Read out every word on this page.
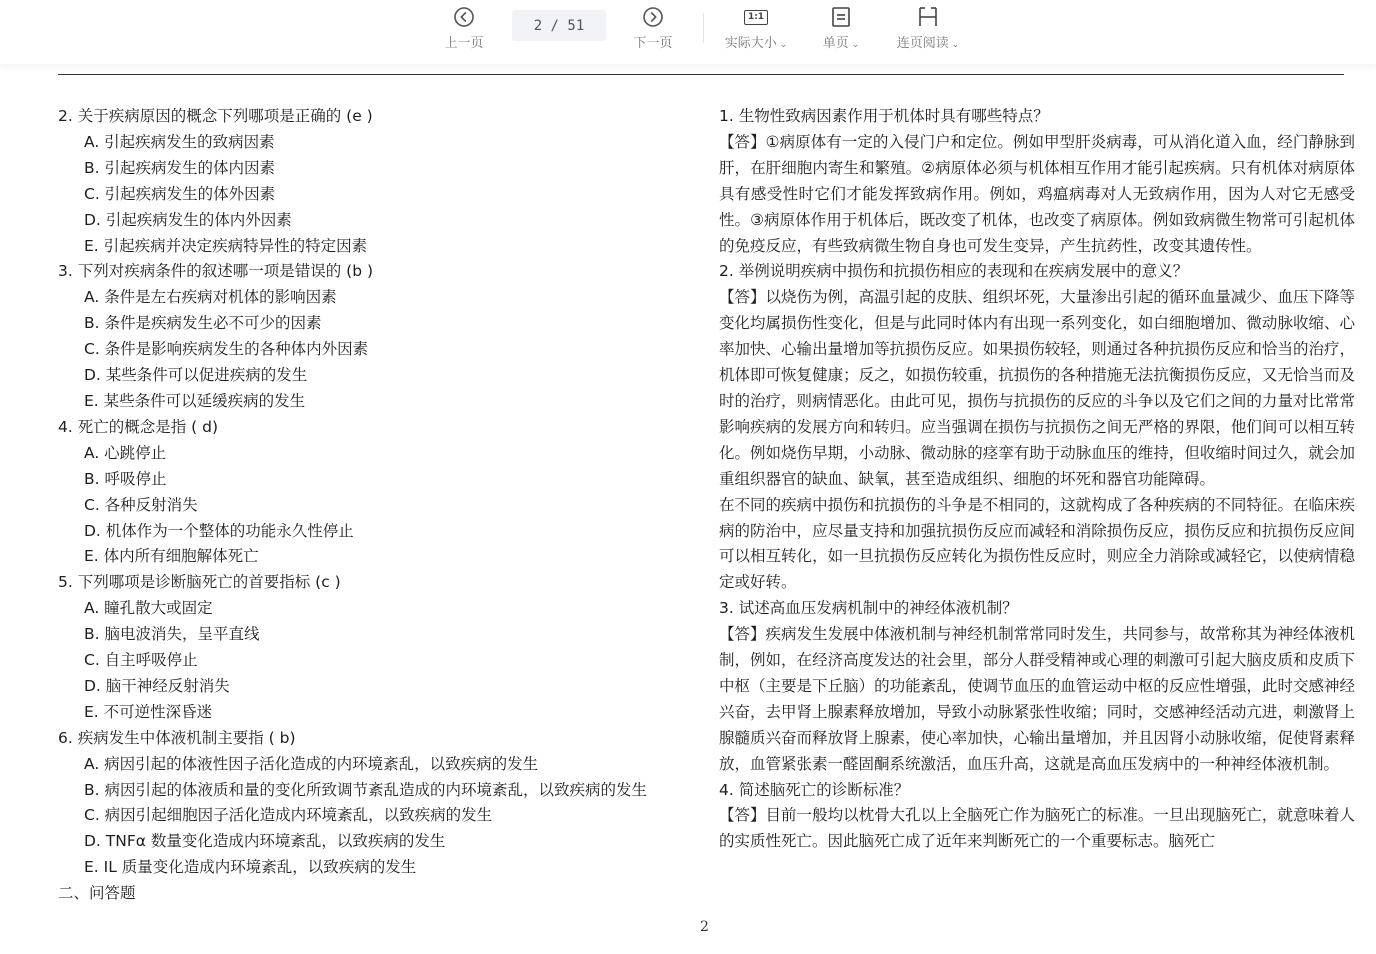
上一页
2 / 51
下一页
1:1
实际大小 ⌄	单页 ⌄	连页阅读 ⌄

2. 关于疾病原因的概念下列哪项是正确的 (e )

A. 引起疾病发生的致病因素

B. 引起疾病发生的体内因素

C. 引起疾病发生的体外因素

D. 引起疾病发生的体内外因素

E. 引起疾病并决定疾病特异性的特定因素

3. 下列对疾病条件的叙述哪一项是错误的 (b )

A. 条件是左右疾病对机体的影响因素

B. 条件是疾病发生必不可少的因素

C. 条件是影响疾病发生的各种体内外因素

D. 某些条件可以促进疾病的发生

E. 某些条件可以延缓疾病的发生

4. 死亡的概念是指 ( d)

A. 心跳停止

B. 呼吸停止

C. 各种反射消失

D. 机体作为一个整体的功能永久性停止

E. 体内所有细胞解体死亡

5. 下列哪项是诊断脑死亡的首要指标 (c )

A. 瞳孔散大或固定

B. 脑电波消失，呈平直线

C. 自主呼吸停止

D. 脑干神经反射消失

E. 不可逆性深昏迷

6. 疾病发生中体液机制主要指 ( b)

A. 病因引起的体液性因子活化造成的内环境紊乱，以致疾病的发生

B. 病因引起的体液质和量的变化所致调节紊乱造成的内环境紊乱，以致疾病的发生

C. 病因引起细胞因子活化造成内环境紊乱，以致疾病的发生

D. TNFα 数量变化造成内环境紊乱，以致疾病的发生

E. IL 质量变化造成内环境紊乱，以致疾病的发生

二、问答题

1. 生物性致病因素作用于机体时具有哪些特点？

【答】①病原体有一定的入侵门户和定位。例如甲型肝炎病毒，可从消化道入血，经门静脉到肝，在肝细胞内寄生和繁殖。②病原体必须与机体相互作用才能引起疾病。只有机体对病原体具有感受性时它们才能发挥致病作用。例如，鸡瘟病毒对人无致病作用，因为人对它无感受性。③病原体作用于机体后，既改变了机体，也改变了病原体。例如致病微生物常可引起机体的免疫反应，有些致病微生物自身也可发生变异，产生抗药性，改变其遗传性。

2. 举例说明疾病中损伤和抗损伤相应的表现和在疾病发展中的意义？

【答】以烧伤为例，高温引起的皮肤、组织坏死，大量渗出引起的循环血量减少、血压下降等变化均属损伤性变化，但是与此同时体内有出现一系列变化，如白细胞增加、微动脉收缩、心率加快、心输出量增加等抗损伤反应。如果损伤较轻，则通过各种抗损伤反应和恰当的治疗，机体即可恢复健康；反之，如损伤较重，抗损伤的各种措施无法抗衡损伤反应，又无恰当而及时的治疗，则病情恶化。由此可见，损伤与抗损伤的反应的斗争以及它们之间的力量对比常常影响疾病的发展方向和转归。应当强调在损伤与抗损伤之间无严格的界限，他们间可以相互转化。例如烧伤早期，小动脉、微动脉的痉挛有助于动脉血压的维持，但收缩时间过久，就会加重组织器官的缺血、缺氧，甚至造成组织、细胞的坏死和器官功能障碍。

在不同的疾病中损伤和抗损伤的斗争是不相同的，这就构成了各种疾病的不同特征。在临床疾病的防治中，应尽量支持和加强抗损伤反应而减轻和消除损伤反应，损伤反应和抗损伤反应间可以相互转化，如一旦抗损伤反应转化为损伤性反应时，则应全力消除或减轻它，以使病情稳定或好转。

3. 试述高血压发病机制中的神经体液机制？

【答】疾病发生发展中体液机制与神经机制常常同时发生，共同参与，故常称其为神经体液机制，例如，在经济高度发达的社会里，部分人群受精神或心理的刺激可引起大脑皮质和皮质下中枢（主要是下丘脑）的功能紊乱，使调节血压的血管运动中枢的反应性增强，此时交感神经兴奋，去甲肾上腺素释放增加，导致小动脉紧张性收缩；同时，交感神经活动亢进，刺激肾上腺髓质兴奋而释放肾上腺素，使心率加快，心输出量增加，并且因肾小动脉收缩，促使肾素释放，血管紧张素一醛固酮系统激活，血压升高，这就是高血压发病中的一种神经体液机制。

4. 简述脑死亡的诊断标准？

【答】目前一般均以枕骨大孔以上全脑死亡作为脑死亡的标准。一旦出现脑死亡，就意味着人的实质性死亡。因此脑死亡成了近年来判断死亡的一个重要标志。脑死亡

2
